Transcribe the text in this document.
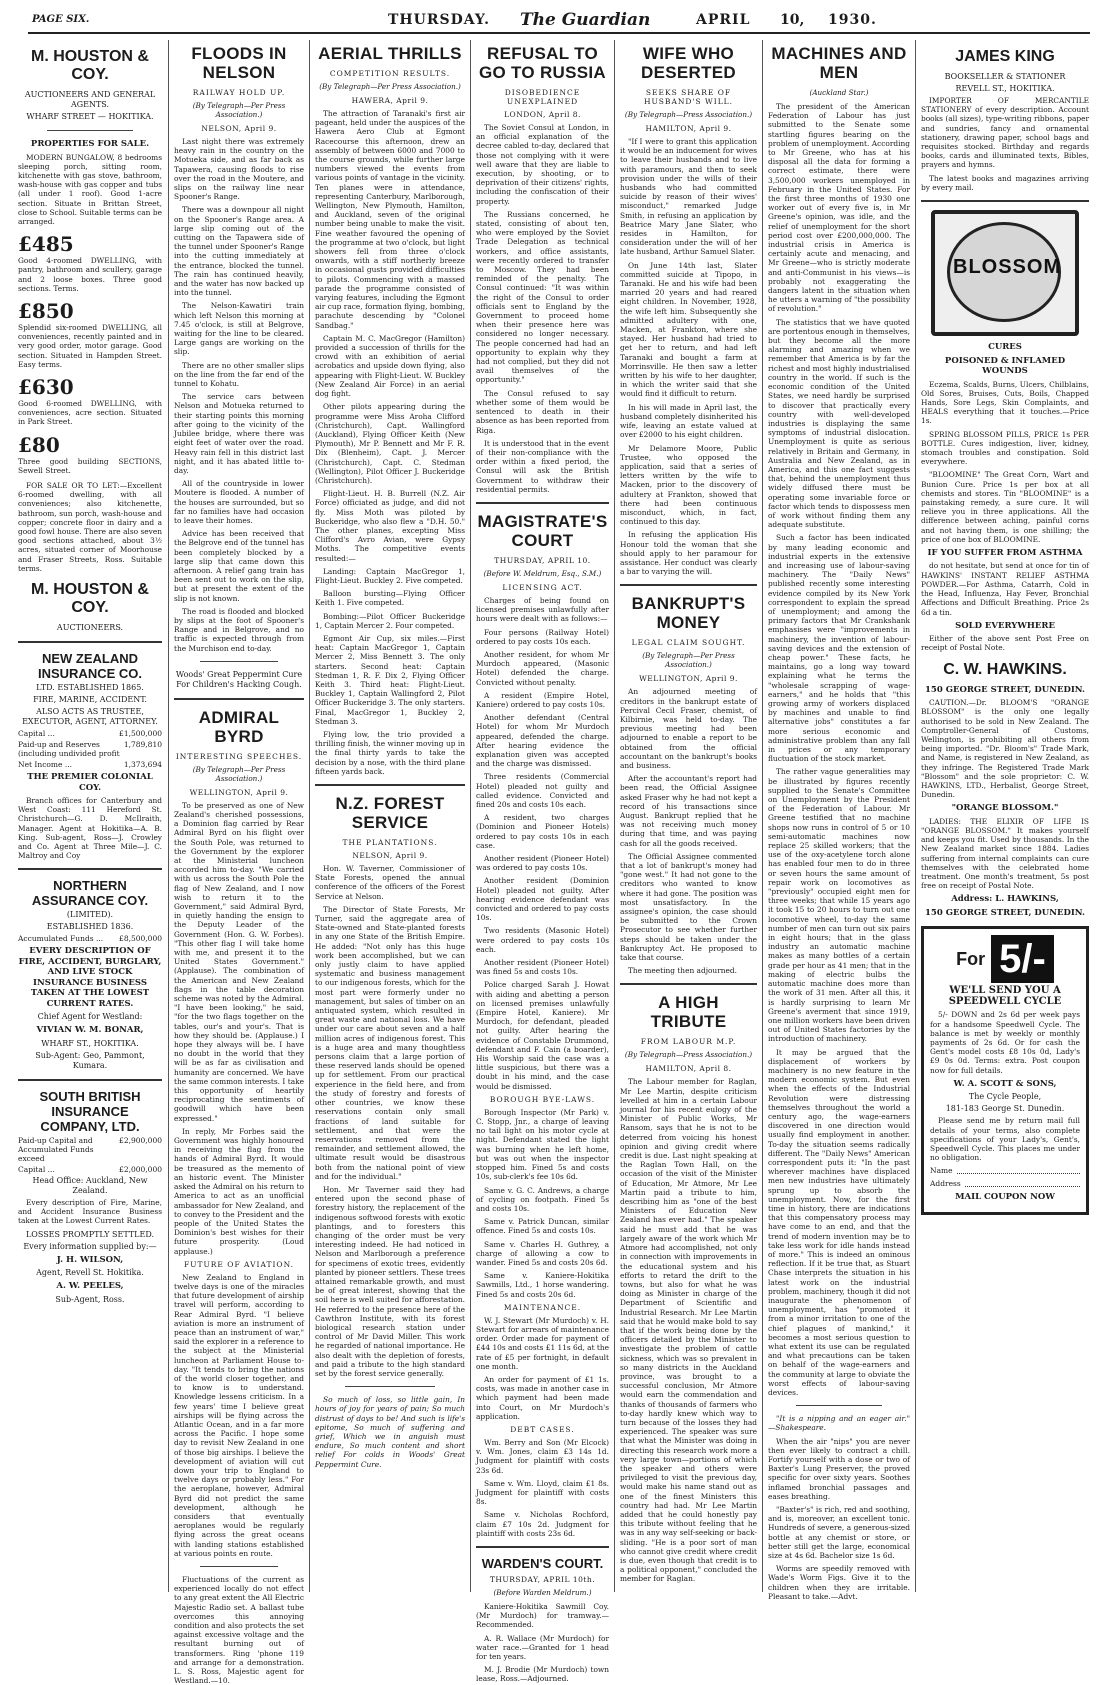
PAGE SIX.	THURSDAY. The Guardian	APRIL 10, 1930.
M. HOUSTON & COY.
AUCTIONEERS AND GENERAL AGENTS.
WHARF STREET — HOKITIKA.
PROPERTIES FOR SALE.

MODERN BUNGALOW, 8 bedrooms sleeping porch, sitting room, kitchenette with gas stove, bathroom, wash-house with gas copper and tubs (all under 1 roof). Good 1-acre section. Situate in Brittan Street, close to School. Suitable terms can be arranged.

£485

Good 4-roomed DWELLING, with pantry, bathroom and scullery, garage and 2 loose boxes. Three good sections. Terms.

£850

Splendid six-roomed DWELLING, all conveniences, recently painted and in very good order, motor garage. Good section. Situated in Hampden Street. Easy terms.

£630

Good 6-roomed DWELLING, with conveniences, acre section. Situated in Park Street.

£80

Three good building SECTIONS, Sewell Street.

FOR SALE OR TO LET:—Excellent 6-roomed dwelling, with all conveniences; also kitchenette, bathroom, sun porch, wash-house and copper; concrete floor in dairy and a good fowl house. There are also seven good sections attached, about 3½ acres, situated corner of Moorhouse and Fraser Streets, Ross. Suitable terms.

M. HOUSTON & COY.
AUCTIONEERS.
NEW ZEALAND INSURANCE CO.
LTD. ESTABLISHED 1865.
FIRE, MARINE, ACCIDENT.
ALSO ACTS AS TRUSTEE, EXECUTOR, AGENT, ATTORNEY.
Capital ...	£1,500,000
Paid-up and Reserves (including undivided profit
1,789,810
Net Income ...	1,373,694
THE PREMIER COLONIAL COY.

Branch offices for Canterbury and West Coast: 111 Hereford St. Christchurch—G. D. McIlraith, Manager. Agent at Hokitika—A. B. King. Sub-agent, Ross—J. Crowley and Co. Agent at Three Mile—J. C. Maltroy and Coy

NORTHERN ASSURANCE COY.
(LIMITED).
ESTABLISHED 1836.
Accumulated Funds ... £8,500,000
EVERY DESCRIPTION OF FIRE, ACCIDENT, BURGLARY, AND LIVE STOCK INSURANCE BUSINESS TAKEN AT THE LOWEST CURRENT RATES.
Chief Agent for Westland:
VIVIAN W. M. BONAR,
WHARF ST., HOKITIKA.
Sub-Agent: Geo, Pammont, Kumara.
SOUTH BRITISH INSURANCE COMPANY, LTD.
Paid-up Capital and Accumulated Funds exceed
£2,900,000
Capital ...	£2,000,000
Head Office: Auckland, New Zealand.

Every description of Fire, Marine, and Accident Insurance Business taken at the Lowest Current Rates.

LOSSES PROMPTLY SETTLED.
Every information supplied by:—
J. H. WILSON,
Agent, Revell St. Hokitika.
A. W. PEELES,
Sub-Agent, Ross.
FLOODS IN NELSON
RAILWAY HOLD UP.
(By Telegraph—Per Press Association.)
NELSON, April 9.

Last night there was extremely heavy rain in the country on the Motueka side, and as far back as Tapawera, causing floods to rise over the road in the Moutere, and slips on the railway line near Spooner's Range.

There was a downpour all night on the Spooner's Range area. A large slip coming out of the cutting on the Tapawera side of the tunnel under Spooner's Range into the cutting immediately at the entrance, blocked the tunnel. The rain has continued heavily, and the water has now backed up into the tunnel.

The Nelson-Kawatiri train which left Nelson this morning at 7.45 o'clock, is still at Belgrove, waiting for the line to be cleared. Large gangs are working on the slip.

There are no other smaller slips on the line from the far end of the tunnel to Kohatu.

The service cars between Nelson and Motueka returned to their starting points this morning after going to the vicinity of the Jubilee bridge, where there was eight feet of water over the road. Heavy rain fell in this district last night, and it has abated little to-day.

All of the countryside in lower Moutere is flooded. A number of the houses are surrounded, but so far no families have had occasion to leave their homes.

Advice has been received that the Belgrove end of the tunnel has been completely blocked by a large slip that came down this afternoon. A relief gang train has been sent out to work on the slip, but at present the extent of the slip is not known.

The road is flooded and blocked by slips at the foot of Spooner's Range and in Belgrove, and no traffic is expected through from the Murchison end to-day.

Woods' Great Peppermint Cure For Children's Hacking Cough.
ADMIRAL BYRD
INTERESTING SPEECHES.
(By Telegraph—Per Press Association.)
WELLINGTON, April 9.

To be preserved as one of New Zealand's cherished possessions, a Dominion flag carried by Rear Admiral Byrd on his flight over the South Pole, was returned to the Government by the explorer at the Ministerial luncheon accorded him to-day. "We carried with us across the South Pole the flag of New Zealand, and I now wish to return it to the Government," said Admiral Byrd, in quietly handing the ensign to the Deputy Leader of the Government (Hon. G. W. Forbes). "This other flag I will take home with me, and present it to the United States Government." (Applause). The combination of the American and New Zealand flags in the table decoration scheme was noted by the Admiral. "I have been looking," he said, "for the two flags together on the tables, our's and your's. That is how they should be. (Applause.) I hope they always will be. I have no doubt in the world that they will be as far as civilisation and humanity are concerned. We have the same common interests. I take this opportunity of heartily reciprocating the sentiments of goodwill which have been expressed."

In reply, Mr Forbes said the Government was highly honoured in receiving the flag from the hands of Admiral Byrd. It would be treasured as the memento of an historic event. The Minister asked the Admiral on his return to America to act as an unofficial ambassador for New Zealand, and to convey to the President and the people of the United States the Dominion's best wishes for their future prosperity. (Loud applause.)

FUTURE OF AVIATION.

New Zealand to England in twelve days is one of the miracles that future development of airship travel will perform, according to Rear Admiral Byrd. "I believe aviation is more an instrument of peace than an instrument of war," said the explorer in a reference to the subject at the Ministerial luncheon at Parliament House to-day. "It tends to bring the nations of the world closer together, and to know is to understand. Knowledge lessens criticism. In a few years' time I believe great airships will be flying across the Atlantic Ocean, and in a far more across the Pacific. I hope some day to revisit New Zealand in one of those big airships. I believe the development of aviation will cut down your trip to England to twelve days or probably less." For the aeroplane, however, Admiral Byrd did not predict the same development, although he considers that eventually aeroplanes would be regularly flying across the great oceans with landing stations established at various points en route.

Fluctuations of the current as experienced locally do not effect to any great extent the All Electric Majestic Radio set. A ballast tube overcomes this annoying condition and also protects the set against excessive voltage and the resultant burning out of transformers. Ring 'phone 119 and arrange for a demonstration. L. S. Ross, Majestic agent for Westland.—10.

AERIAL THRILLS
COMPETITION RESULTS.
(By Telegraph—Per Press Association.)
HAWERA, April 9.

The attraction of Taranaki's first air pageant, held under the auspices of the Hawera Aero Club at Egmont Racecourse this afternoon, drew an assembly of between 6000 and 7000 to the course grounds, while further large numbers viewed the events from various points of vantage in the vicinity. Ten planes were in attendance, representing Canterbury, Marlborough, Wellington, New Plymouth, Hamilton, and Auckland, seven of the original number being unable to make the visit. Fine weather favoured the opening of the programme at two o'clock, but light showers fell from three o'clock onwards, with a stiff northerly breeze in occasional gusts provided difficulties to pilots. Commencing with a massed parade the programme consisted of varying features, including the Egmont air cup race, formation flying, bombing, parachute descending by "Colonel Sandbag."

Captain M. C. MacGregor (Hamilton) provided a succession of thrills for the crowd with an exhibition of aerial acrobatics and upside down flying, also appearing with Flight-Lieut. W. Buckley (New Zealand Air Force) in an aerial dog fight.

Other pilots appearing during the programme were Miss Aroha Clifford (Christchurch), Capt. Wallingford (Auckland), Flying Officer Keith (New Plymouth), Mr P. Bennett and Mr F. R. Dix (Blenheim), Capt. J. Mercer (Christchurch), Capt. C. Stedman (Wellington), Pilot Officer J. Buckeridge (Christchurch).

Flight-Lieut. H. B. Burrell (N.Z. Air Force) officiated as judge, and did not fly. Miss Moth was piloted by Buckeridge, who also flew a "D.H. 50." The other planes, excepting Miss Clifford's Avro Avian, were Gypsy Moths. The competitive events resulted:—

Landing: Captain MacGregor 1, Flight-Lieut. Buckley 2. Five competed.

Balloon bursting—Flying Officer Keith 1. Five competed.

Bombing:—Pilot Officer Buckeridge 1, Captain Mercer 2. Four competed.

Egmont Air Cup, six miles.—First heat: Captain MacGregor 1, Captain Mercer 2, Miss Bennett 3. The only starters. Second heat: Captain Stedman 1, R. F. Dix 2, Flying Officer Keith 3. Third heat: Flight-Lieut. Buckley 1, Captain Wallingford 2, Pilot Officer Buckeridge 3. The only starters. Final, MacGregor 1, Buckley 2, Stedman 3.

Flying low, the trio provided a thrilling finish, the winner moving up in the final thirty yards to take the decision by a nose, with the third plane fifteen yards back.

N.Z. FOREST SERVICE
THE PLANTATIONS.
NELSON, April 9.

Hon. W. Taverner, Commissioner of State Forests, opened the annual conference of the officers of the Forest Service at Nelson.

The Director of State Forests, Mr Turner, said the aggregate area of State-owned and State-planted forests in any one State of the British Empire. He added: "Not only has this huge work been accomplished, but we can only justly claim to have applied systematic and business management to our indigenous forests, which for the most part were formerly under no management, but sales of timber on an antiquated system, which resulted in great waste and national loss. We have under our care about seven and a half million acres of indigenous forest. This is a huge area and many thoughtless persons claim that a large portion of these reserved lands should be opened up for settlement. From our practical experience in the field here, and from the study of forestry and forests of other countries, we know these reservations contain only small fractions of land suitable for settlement, and that were the reservations removed from the remainder, and settlement allowed, the ultimate result would be disastrous both from the national point of view and for the individual."

Hon. Mr Taverner said they had entered upon the second phase of forestry history, the replacement of the indigenous softwood forests with exotic plantings, and to foresters this changing of the order must be very interesting indeed. He had noticed in Nelson and Marlborough a preference for specimens of exotic trees, evidently planted by pioneer settlers. These trees attained remarkable growth, and must be of great interest, showing that the soil here is well suited for afforestation. He referred to the presence here of the Cawthron Institute, with its forest biological research station under control of Mr David Miller. This work he regarded of national importance. He also dealt with the depletion of forests, and paid a tribute to the high standard set by the forest service generally.

So much of loss, so little gain, In hours of joy for years of pain; So much distrust of days to be! And such is life's epitome, So much of suffering and grief, Which we in anguish must endure, So much content and short relief For colds in Woods' Great Peppermint Cure.

REFUSAL TO GO TO RUSSIA
DISOBEDIENCE UNEXPLAINED
LONDON, April 8.

The Soviet Consul at London, in an official explanation of the decree cabled to-day, declared that those not complying with it were well aware that they are liable to execution, by shooting, or to deprivation of their citizens' rights, including the confiscation of their property.

The Russians concerned, he stated, consisting of about ten, who were employed by the Soviet Trade Delegation as technical workers, and office assistants, were recently ordered to transfer to Moscow. They had been reminded of the penalty. The Consul continued: "It was within the right of the Consul to order officials sent to England by the Government to proceed home when their presence here was considered no longer necessary. The people concerned had had an opportunity to explain why they had not complied, but they did not avail themselves of the opportunity."

The Consul refused to say whether some of them would be sentenced to death in their absence as has been reported from Riga.

It is understood that in the event of their non-compliance with the order within a fixed period, the Consul will ask the British Government to withdraw their residential permits.

MAGISTRATE'S COURT
THURSDAY, APRIL 10.
(Before W. Meldrum, Esq., S.M.)
LICENSING ACT.

Charges of being found on licensed premises unlawfully after hours were dealt with as follows:—

Four persons (Railway Hotel) ordered to pay costs 10s each.

Another resident, for whom Mr Murdoch appeared, (Masonic Hotel) defended the charge. Convicted without penalty.

A resident (Empire Hotel, Kaniere) ordered to pay costs 10s.

Another defendant (Central Hotel) for whom Mr Murdoch appeared, defended the charge. After hearing evidence the explanation given was accepted and the charge was dismissed.

Three residents (Commercial Hotel) pleaded not guilty and called evidence. Convicted and fined 20s and costs 10s each.

A resident, two charges (Dominion and Pioneer Hotels) ordered to pay costs 10s in each case.

Another resident (Pioneer Hotel) was ordered to pay costs 10s.

Another resident (Dominion Hotel) pleaded not guilty. After hearing evidence defendant was convicted and ordered to pay costs 10s.

Two residents (Masonic Hotel) were ordered to pay costs 10s each.

Another resident (Pioneer Hotel) was fined 5s and costs 10s.

Police charged Sarah J. Howat with aiding and abetting a person on licensed premises unlawfully (Empire Hotel, Kaniere). Mr Murdoch, for defendant, pleaded not guilty. After hearing the evidence of Constable Drummond, defendant and F. Cain (a boarder), His Worship said the case was a little suspicious, but there was a doubt in his mind, and the case would be dismissed.

BOROUGH BYE-LAWS.

Borough Inspector (Mr Park) v. C. Stopp, Jnr., a charge of leaving no tail light on his motor cycle at night. Defendant stated the light was burning when he left home, but was out when the inspector stopped him. Fined 5s and costs 10s, sub-clerk's fee 10s 6d.

Same v. G. C. Andrews, a charge of cycling on footpath. Fined 5s and costs 10s.

Same v. Patrick Duncan, similar offence. Fined 5s and costs 10s.

Same v. Charles H. Guthrey, a charge of allowing a cow to wander. Fined 5s and costs 20s 6d.

Same v. Kaniere-Hokitika Sawmills, Ltd., 1 horse wandering. Fined 5s and costs 20s 6d.

MAINTENANCE.

W. J. Stewart (Mr Murdoch) v. H. Stewart for arrears of maintenance order. Order made for payment of £44 10s and costs £1 11s 6d, at the rate of £5 per fortnight, in default one month.

An order for payment of £1 1s. costs, was made in another case in which payment had been made into Court, on Mr Murdoch's application.

DEBT CASES.

Wm. Berry and Son (Mr Elcock) v. Wm. Jones, claim £3 14s 1d. Judgment for plaintiff with costs 23s 6d.

Same v. Wm. Lloyd, claim £1 8s. Judgment for plaintiff with costs 8s.

Same v. Nicholas Rochford, claim £7 10s 2d. Judgment for plaintiff with costs 23s 6d.

WARDEN'S COURT.
THURSDAY, APRIL 10th.
(Before Warden Meldrum.)

Kaniere-Hokitika Sawmill Coy. (Mr Murdoch) for tramway.—Recommended.

A. R. Wallace (Mr Murdoch) for water race.—Granted for 1 head for ten years.

M. J. Brodie (Mr Murdoch) town lease, Ross.—Adjourned.

WIFE WHO DESERTED
SEEKS SHARE OF HUSBAND'S WILL.
(By Telegraph—Press Association.)
HAMILTON, April 9.

"If I were to grant this application it would be an inducement for wives to leave their husbands and to live with paramours, and then to seek provision under the wills of their husbands who had committed suicide by reason of their wives' misconduct," remarked Judge Smith, in refusing an application by Beatrice Mary Jane Slater, who resides in Hamilton, for consideration under the will of her late husband, Arthur Samuel Slater.

On June 14th last, Slater committed suicide at Tipopo, in Taranaki. He and his wife had been married 20 years and had reared eight children. In November, 1928, the wife left him. Subsequently she admitted adultery with one, Macken, at Frankton, where she stayed. Her husband had tried to get her to return, and had left Taranaki and bought a farm at Morrinsville. He then saw a letter written by his wife to her daughter, in which the writer said that she would find it difficult to return.

In his will made in April last, the husband completely disinherited his wife, leaving an estate valued at over £2000 to his eight children.

Mr Delamore Moore, Public Trustee, who opposed the application, said that a series of letters written by the wife to Macken, prior to the discovery of adultery at Frankton, showed that there had been continuous misconduct, which, in fact, continued to this day.

In refusing the application His Honour told the woman that she should apply to her paramour for assistance. Her conduct was clearly a bar to varying the will.

BANKRUPT'S MONEY
LEGAL CLAIM SOUGHT.
(By Telegraph—Per Press Association.)
WELLINGTON, April 9.

An adjourned meeting of creditors in the bankrupt estate of Percival Cecil Fraser, chemist, of Kilbirnie, was held to-day. The previous meeting had been adjourned to enable a report to be obtained from the official accountant on the bankrupt's books and business.

After the accountant's report had been read, the Official Assignee asked Fraser why he had not kept a record of his transactions since August. Bankrupt replied that he was not receiving much money during that time, and was paying cash for all the goods received.

The Official Assignee commented that a lot of bankrupt's money had "gone west." It had not gone to the creditors who wanted to know where it had gone. The position was most unsatisfactory. In the assignee's opinion, the case should be submitted to the Crown Prosecutor to see whether further steps should be taken under the Bankruptcy Act. He proposed to take that course.

The meeting then adjourned.

A HIGH TRIBUTE
FROM LABOUR M.P.
(By Telegraph—Press Association.)
HAMILTON, April 8.

The Labour member for Raglan, Mr Lee Martin, despite criticism levelled at him in a certain Labour journal for his recent eulogy of the Minister of Public Works, Mr Ransom, says that he is not to be deterred from voicing his honest opinion and giving credit where credit is due. Last night speaking at the Raglan Town Hall, on the occasion of the visit of the Minister of Education, Mr Atmore, Mr Lee Martin paid a tribute to him, describing him as "one of the best Ministers of Education New Zealand has ever had." The speaker said he must add that he was largely aware of the work which Mr Atmore had accomplished, not only in connection with improvements in the educational system and his efforts to retard the drift to the towns, but also for what he was doing as Minister in charge of the Department of Scientific and Industrial Research. Mr Lee Martin said that he would make bold to say that if the work being done by the officers detailed by the Minister to investigate the problem of cattle sickness, which was so prevalent in so many districts in the Auckland province, was brought to a successful conclusion, Mr Atmore would earn the commendation and thanks of thousands of farmers who to-day hardly knew which way to turn because of the losses they had experienced. The speaker was sure that what the Minister was doing in directing this research work more a very large town—portions of which the speaker and others were privileged to visit the previous day, would make his name stand out as one of the finest Ministers this country had had. Mr Lee Martin added that he could honestly pay this tribute without feeling that he was in any way self-seeking or back-sliding. "He is a poor sort of man who cannot give credit where credit is due, even though that credit is to a political opponent," concluded the member for Raglan.

MACHINES AND MEN
(Auckland Star.)

The president of the American Federation of Labour has just submitted to the Senate some startling figures bearing on the problem of unemployment. According to Mr Greene, who has at his disposal all the data for forming a correct estimate, there were 3,500,000 workers unemployed in February in the United States. For the first three months of 1930 one worker out of every five is, in Mr Greene's opinion, was idle, and the relief of unemployment for the short period cost over £200,000,000. The industrial crisis in America is certainly acute and menacing, and Mr Greene—who is strictly moderate and anti-Communist in his views—is probably not exaggerating the dangers latent in the situation when he utters a warning of "the possibility of revolution."

The statistics that we have quoted are portentous enough in themselves, but they become all the more alarming and amazing when we remember that America is by far the richest and most highly industrialised country in the world. If such is the economic condition of the United States, we need hardly be surprised to discover that practically every country with well-developed industries is displaying the same symptoms of industrial dislocation. Unemployment is quite as serious relatively in Britain and Germany, in Australia and New Zealand, as in America, and this one fact suggests that, behind the unemployment thus widely diffused there must be operating some invariable force or factor which tends to dispossess men of work without finding them any adequate substitute.

Such a factor has been indicated by many leading economic and industrial experts in the extensive and increasing use of labour-saving machinery. The "Daily News" published recently some interesting evidence compiled by its New York correspondent to explain the spread of unemployment; and among the primary factors that Mr Crankshank emphasises were "improvements in machinery, the invention of labour-saving devices and the extension of cheap power." These facts, he maintains, go a long way toward explaining what he terms the "wholesale scrapping of wage-earners," and he holds that "this growing army of workers displaced by machines and unable to find alternative jobs" constitutes a far more serious economic and administrative problem than any fall in prices or any temporary fluctuation of the stock market.

The rather vague generalities may be illustrated by figures recently supplied to the Senate's Committee on Unemployment by the President of the Federation of Labour. Mr Greene testified that no machine shops now runs in control of 5 or 10 semi-automatic machines now replace 25 skilled workers; that the use of the oxy-acetylene torch alone has enabled four men to do in three or seven hours the same amount of repair work on locomotives as "previously" occupied eight men for three weeks; that while 15 years ago it took 15 to 20 hours to turn out one locomotive wheel, to-day the same number of men can turn out six pairs in eight hours; that in the glass industry an automatic machine makes as many bottles of a certain grade per hour as 41 men; that in the making of electric bulbs the automatic machine does more than the work of 31 men. After all this, it is hardly surprising to learn Mr Greene's averment that since 1919, one million workers have been driven out of United States factories by the introduction of machinery.

It may be argued that the displacement of workers by machinery is no new feature in the modern economic system. But even when the effects of the Industrial Revolution were distressing themselves throughout the world a century ago, the wage-earners discovered in one direction would usually find employment in another. To-day the situation seems radically different. The "Daily News" American correspondent puts it: "In the past wherever machines have displaced men new industries have ultimately sprung up to absorb the unemployment. Now, for the first time in history, there are indications that this compensatory process may have come to an end, and that the trend of modern invention may be to take less work for idle hands instead of more." This is indeed an ominous reflection. If it be true that, as Stuart Chase interprets the situation in his latest work on the industrial problem, machinery, though it did not inaugurate the phenomenon of unemployment, has "promoted it from a minor irritation to one of the chief plagues of mankind," it becomes a most serious question to what extent its use can be regulated and what precautions can be taken on behalf of the wage-earners and the community at large to obviate the worst effects of labour-saving devices.

"It is a nipping and an eager air." —Shakespeare.

When the air "nips" you are never then ever likely to contract a chill. Fortify yourself with a dose or two of Baxter's Lung Preserver, the proved specific for over sixty years. Soothes inflamed bronchial passages and eases breathing.

"Baxter's" is rich, red and soothing, and is, moreover, an excellent tonic. Hundreds of severe, a generous-sized bottle at any chemist or store, or better still get the large, economical size at 4s 6d. Bachelor size 1s 6d.

Worms are speedily removed with Wade's Worm Figs. Give it to the children when they are irritable. Pleasant to take.—Advt.

JAMES KING
BOOKSELLER & STATIONER
REVELL ST., HOKITIKA.

IMPORTER OF MERCANTILE STATIONERY of every description. Account books (all sizes), type-writing ribbons, paper and sundries, fancy and ornamental stationery, drawing paper, school bags and requisites stocked. Birthday and regards books, cards and illuminated texts, Bibles, prayers and hymns.

The latest books and magazines arriving by every mail.

BLOSSOM
CURES
POISONED & INFLAMED WOUNDS

Eczema, Scalds, Burns, Ulcers, Chilblains, Old Sores, Bruises, Cuts, Boils, Chapped Hands, Sore Legs, Skin Complaints, and HEALS everything that it touches.—Price 1s.

SPRING BLOSSOM PILLS, PRICE 1s PER BOTTLE. Cures indigestion, liver, kidney, stomach troubles and constipation. Sold everywhere.

"BLOOMINE" The Great Corn, Wart and Bunion Cure. Price 1s per box at all chemists and stores. Tin "BLOOMINE" is a painstaking remedy, a sure cure. It will relieve you in three applications. All the difference between aching, painful corns and not having them, is one shilling; the price of one box of BLOOMINE.

IF YOU SUFFER FROM ASTHMA

do not hesitate, but send at once for tin of HAWKINS' INSTANT RELIEF ASTHMA POWDER.—For Asthma, Catarrh, Cold in the Head, Influenza, Hay Fever, Bronchial Affections and Difficult Breathing. Price 2s 6d a tin.

SOLD EVERYWHERE

Either of the above sent Post Free on receipt of Postal Note.

C. W. HAWKINS.
150 GEORGE STREET, DUNEDIN.

CAUTION.—Dr. BLOOM'S "ORANGE BLOSSOM" is the only one legally authorised to be sold in New Zealand. The Comptroller-General of Customs, Wellington, is prohibiting all others from being imported. "Dr. Bloom's" Trade Mark, and Name, is registered in New Zealand, as they infringe. The Registered Trade Mark "Blossom" and the sole proprietor: C. W. HAWKINS, LTD., Herbalist, George Street, Dunedin.

"ORANGE BLOSSOM."

LADIES: THE ELIXIR OF LIFE IS "ORANGE BLOSSOM." It makes yourself and keeps you fit. Used by thousands. In the New Zealand market since 1884. Ladies suffering from internal complaints can cure themselves with the celebrated home treatment. One month's treatment, 5s post free on receipt of Postal Note.

Address: L. HAWKINS,
150 GEORGE STREET, DUNEDIN.
For 5/-
WE'LL SEND YOU A SPEEDWELL CYCLE

5/- DOWN and 2s 6d per week pays for a handsome Speedwell Cycle. The balance is met by weekly or monthly payments of 2s 6d. Or for cash the Gent's model costs £8 10s 0d, Lady's £9 0s 0d. Terms: extra. Post coupon now for full details.

W. A. SCOTT & SONS,
The Cycle People,
181-183 George St. Dunedin.

Please send me by return mail full details of your terms, also complete specifications of your Lady's, Gent's, Speedwell Cycle. This places me under no obligation.

Name
Address
MAIL COUPON NOW
